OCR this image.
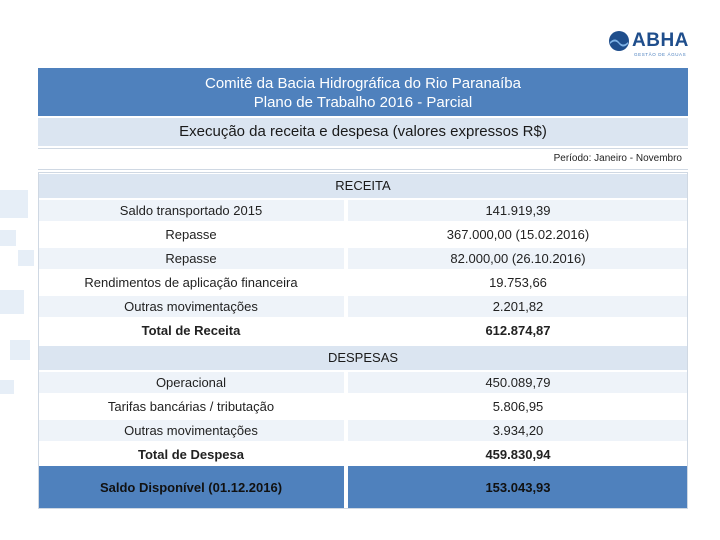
ABHA
GESTÃO DE ÁGUAS
Comitê da Bacia Hidrográfica do Rio Paranaíba
Plano de Trabalho 2016 - Parcial
Execução da receita e despesa (valores expressos R$)
Período: Janeiro - Novembro
RECEITA
Saldo transportado 2015	141.919,39
Repasse	367.000,00 (15.02.2016)
Repasse	82.000,00 (26.10.2016)
Rendimentos de aplicação financeira	19.753,66
Outras movimentações	2.201,82
Total de Receita	612.874,87
DESPESAS
Operacional	450.089,79
Tarifas bancárias / tributação	5.806,95
Outras movimentações	3.934,20
Total de Despesa	459.830,94
Saldo Disponível (01.12.2016)	153.043,93
